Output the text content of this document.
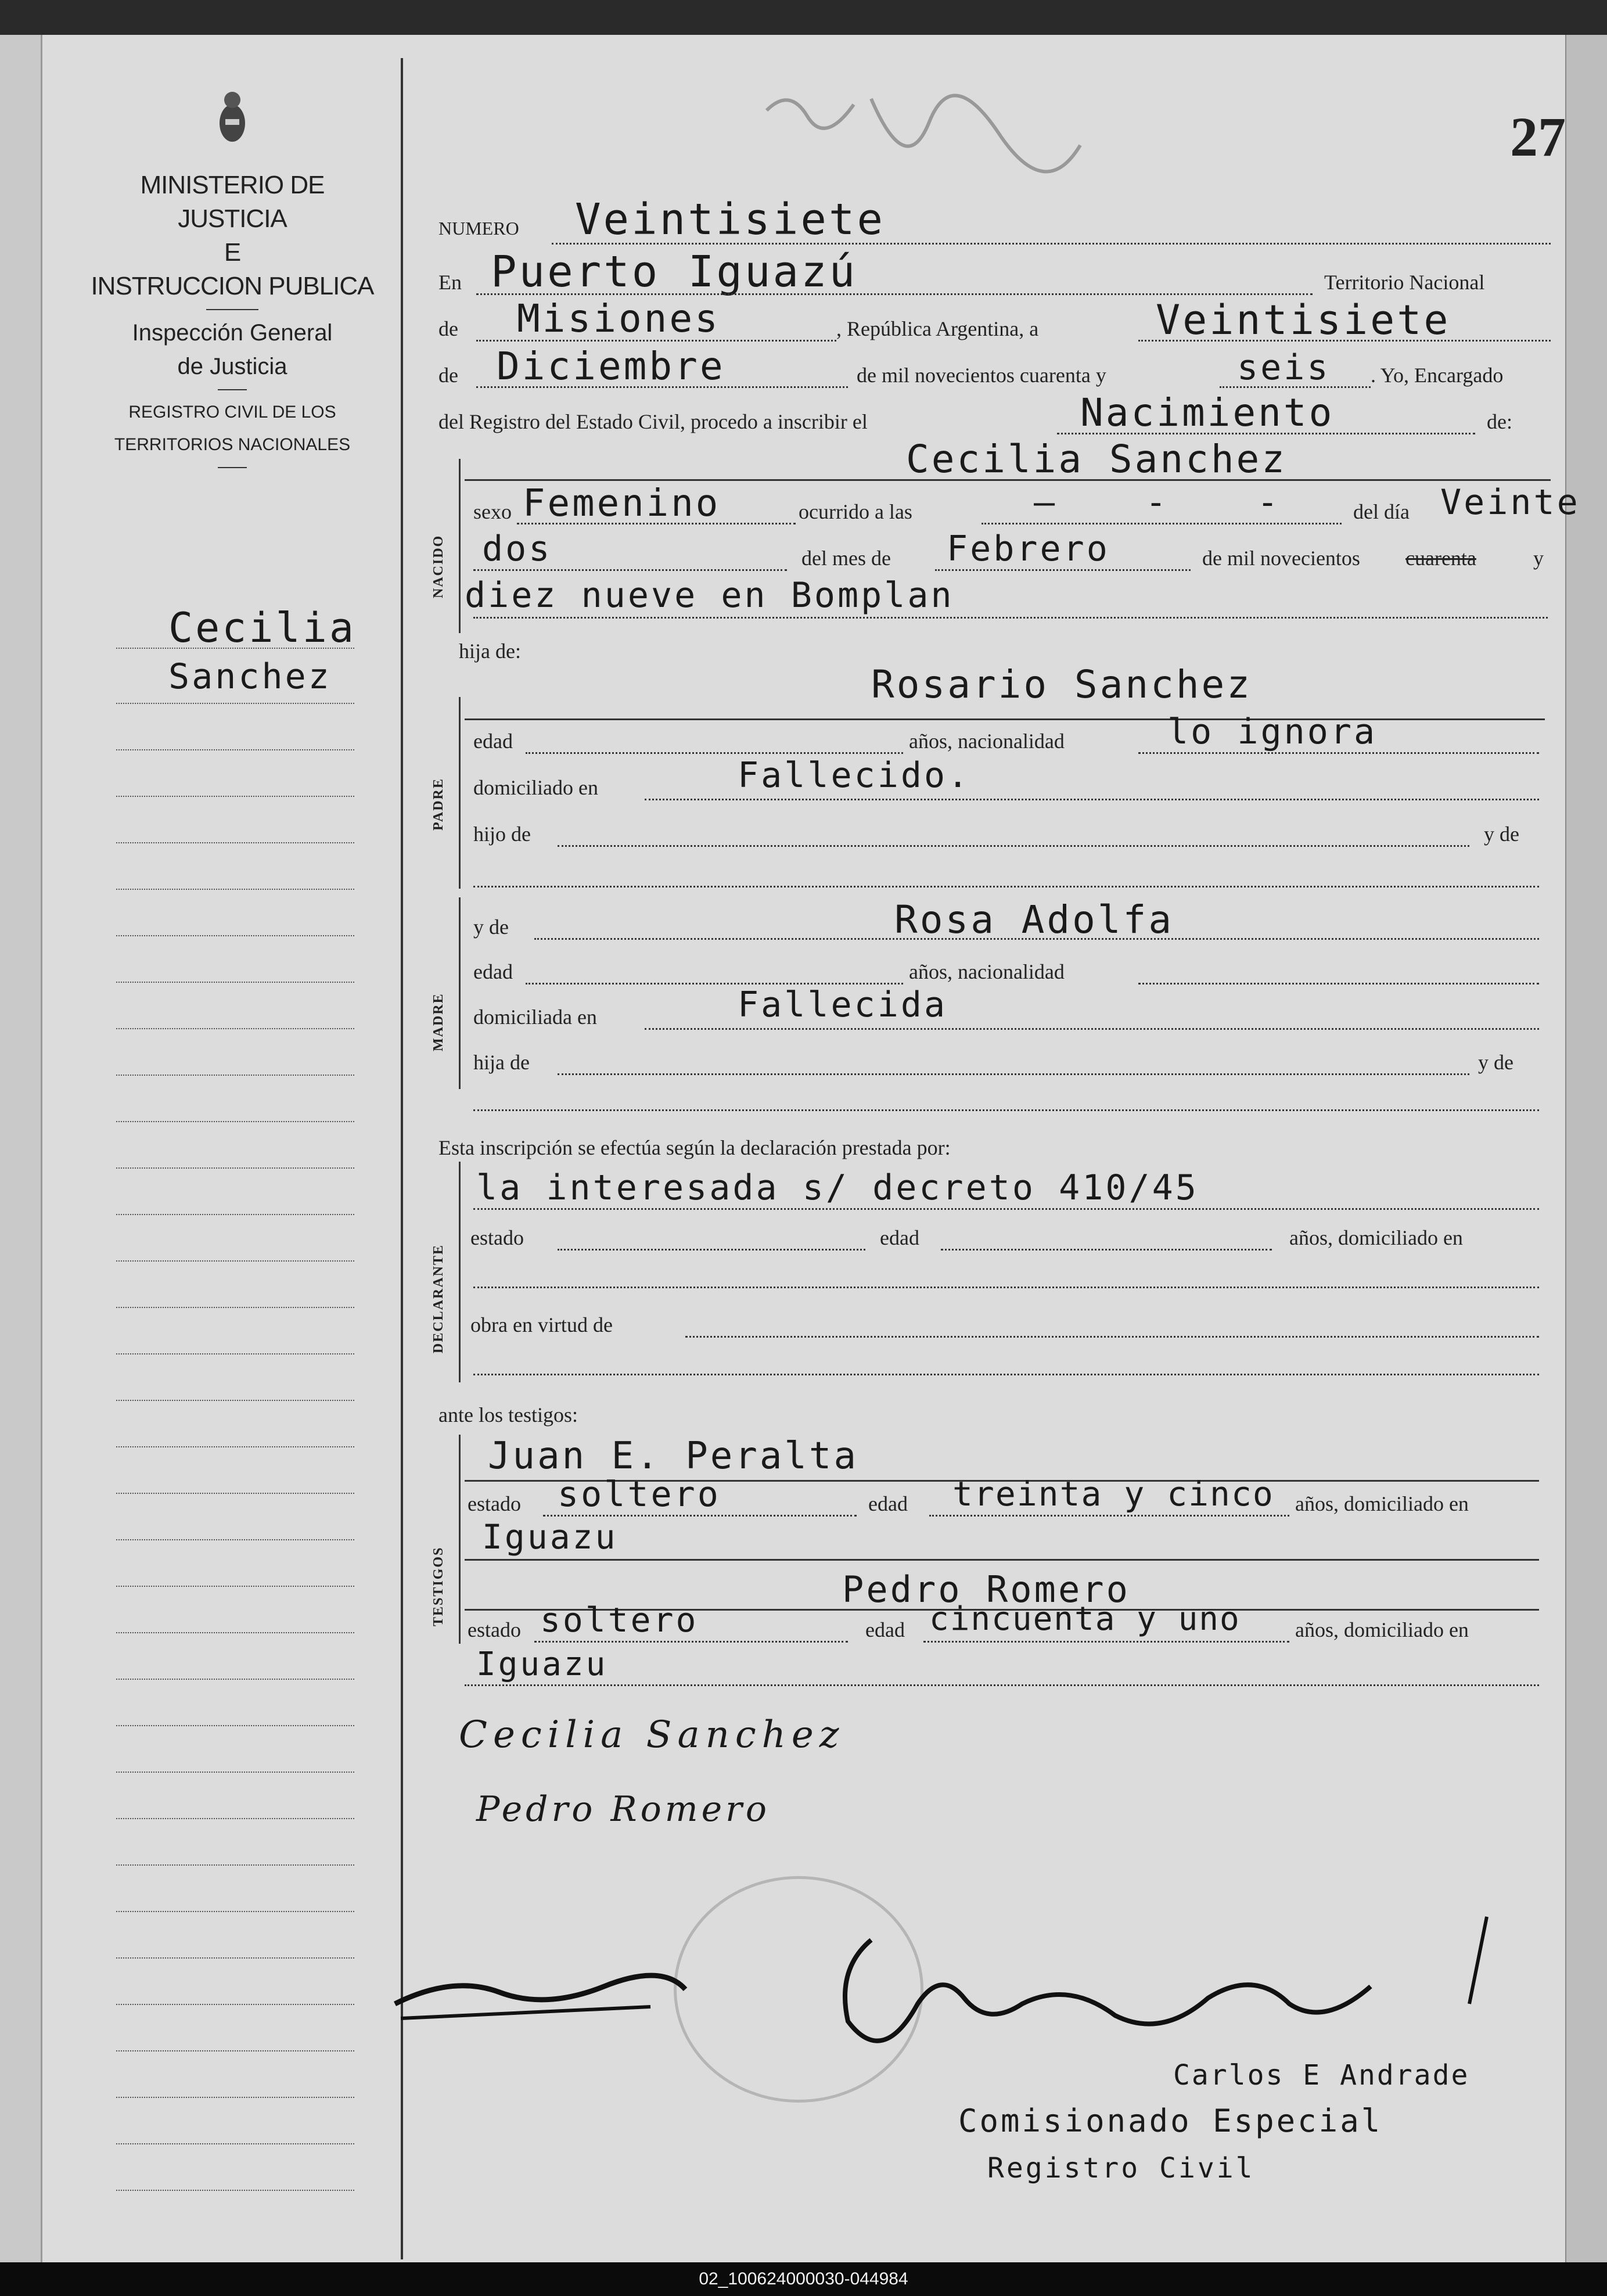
27
MINISTERIO DE JUSTICIA
E
INSTRUCCION PUBLICA
Inspección General
de Justicia
REGISTRO CIVIL DE LOS
TERRITORIOS NACIONALES
Cecilia
Sanchez
NUMERO Veintisiete
En Puerto Iguazú	Territorio Nacional
de Misiones	, República Argentina, a	Veintisiete
de Diciembre	de mil novecientos cuarenta y	seis . Yo, Encargado
del Registro del Estado Civil, procedo a inscribir el	Nacimiento	de:
Cecilia Sanchez
NACIDO
sexo Femenino	ocurrido a las	— - - del día Veinte
dos	del mes de Febrero	de mil novecientos cuarenta	y
diez nueve en Bomplan
hija de:
Rosario Sanchez
PADRE
edad	años, nacionalidad	lo ignora
domiciliado en	Fallecido.
hijo de	y de
MADRE
y de	Rosa Adolfa
edad	años, nacionalidad
domiciliada en	Fallecida
hija de	y de
Esta inscripción se efectúa según la declaración prestada por:
DECLARANTE
la interesada s/ decreto 410/45
estado	edad	años, domiciliado en
obra en virtud de
ante los testigos:
TESTIGOS
Juan E. Peralta
estado soltero	edad treinta y cinco años, domiciliado en
Iguazu
Pedro Romero
estado soltero	edad cincuenta y uno	años, domiciliado en
Iguazu
Cecilia Sanchez
Pedro Romero
Carlos E Andrade
Comisionado Especial
Registro Civil
02_100624000030-044984
